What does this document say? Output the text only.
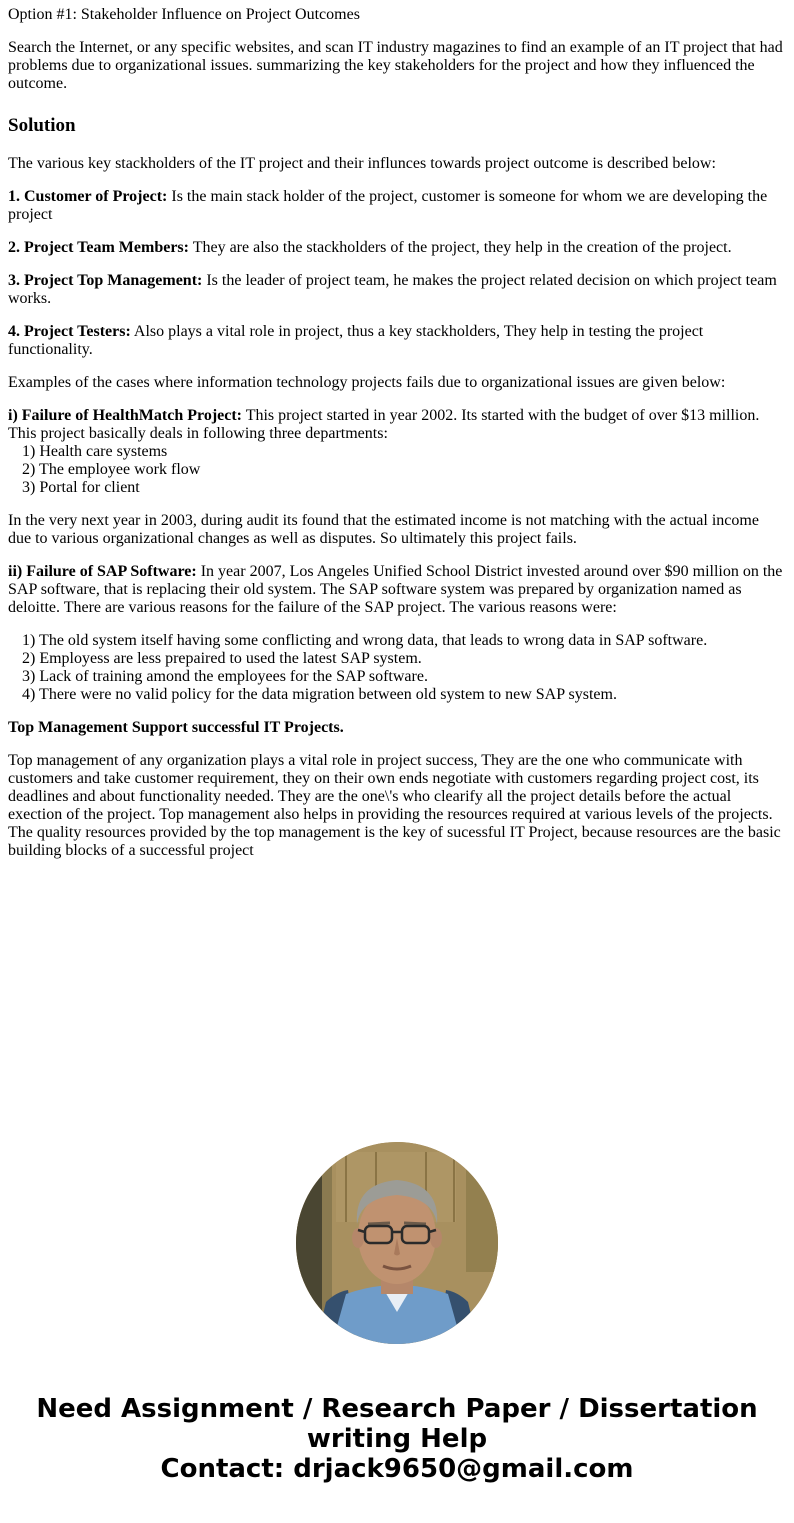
Option #1: Stakeholder Influence on Project Outcomes

Search the Internet, or any specific websites, and scan IT industry magazines to find an example of an IT project that had problems due to organizational issues. summarizing the key stakeholders for the project and how they influenced the outcome.

Solution

The various key stackholders of the IT project and their influnces towards project outcome is described below:

1. Customer of Project: Is the main stack holder of the project, customer is someone for whom we are developing the project

2. Project Team Members: They are also the stackholders of the project, they help in the creation of the project.

3. Project Top Management: Is the leader of project team, he makes the project related decision on which project team works.

4. Project Testers: Also plays a vital role in project, thus a key stackholders, They help in testing the project functionality.

Examples of the cases where information technology projects fails due to organizational issues are given below:

i) Failure of HealthMatch Project: This project started in year 2002. Its started with the budget of over $13 million. This project basically deals in following three departments:

1) Health care systems
2) The employee work flow
3) Portal for client

In the very next year in 2003, during audit its found that the estimated income is not matching with the actual income due to various organizational changes as well as disputes. So ultimately this project fails.

ii) Failure of SAP Software: In year 2007, Los Angeles Unified School District invested around over $90 million on the SAP software, that is replacing their old system. The SAP software system was prepared by organization named as deloitte. There are various reasons for the failure of the SAP project. The various reasons were:

1) The old system itself having some conflicting and wrong data, that leads to wrong data in SAP software.
2) Employess are less prepaired to used the latest SAP system.
3) Lack of training amond the employees for the SAP software.
4) There were no valid policy for the data migration between old system to new SAP system.

Top Management Support successful IT Projects.

Top management of any organization plays a vital role in project success, They are the one who communicate with customers and take customer requirement, they on their own ends negotiate with customers regarding project cost, its deadlines and about functionality needed. They are the one\'s who clearify all the project details before the actual exection of the project. Top management also helps in providing the resources required at various levels of the projects. The quality resources provided by the top management is the key of sucessful IT Project, because resources are the basic building blocks of a successful project

Need Assignment / Research Paper / Dissertation
writing Help
Contact: drjack9650@gmail.com
